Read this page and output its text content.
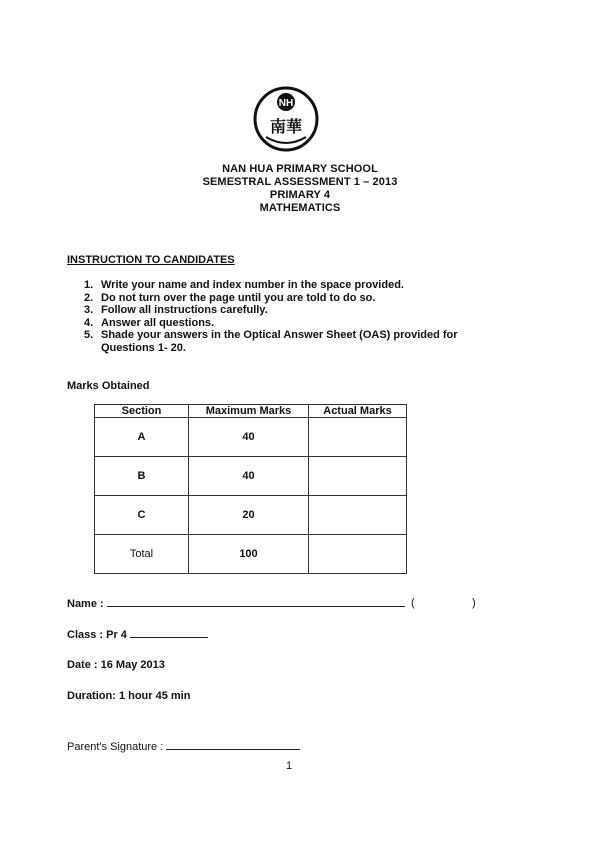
NH
南華
NAN HUA PRIMARY SCHOOL
SEMESTRAL ASSESSMENT 1 – 2013
PRIMARY 4
MATHEMATICS
INSTRUCTION TO CANDIDATES
1. Write your name and index number in the space provided.
2. Do not turn over the page until you are told to do so.
3. Follow all instructions carefully.
4. Answer all questions.
5. Shade your answers in the Optical Answer Sheet (OAS) provided for Questions 1- 20.
Marks Obtained
Section	Maximum Marks	Actual Marks
A	40	
B	40	
C	20	
Total	100	
Name :	(	)
Class : Pr 4
Date : 16 May 2013
Duration: 1 hour 45 min
Parent's Signature :
1
